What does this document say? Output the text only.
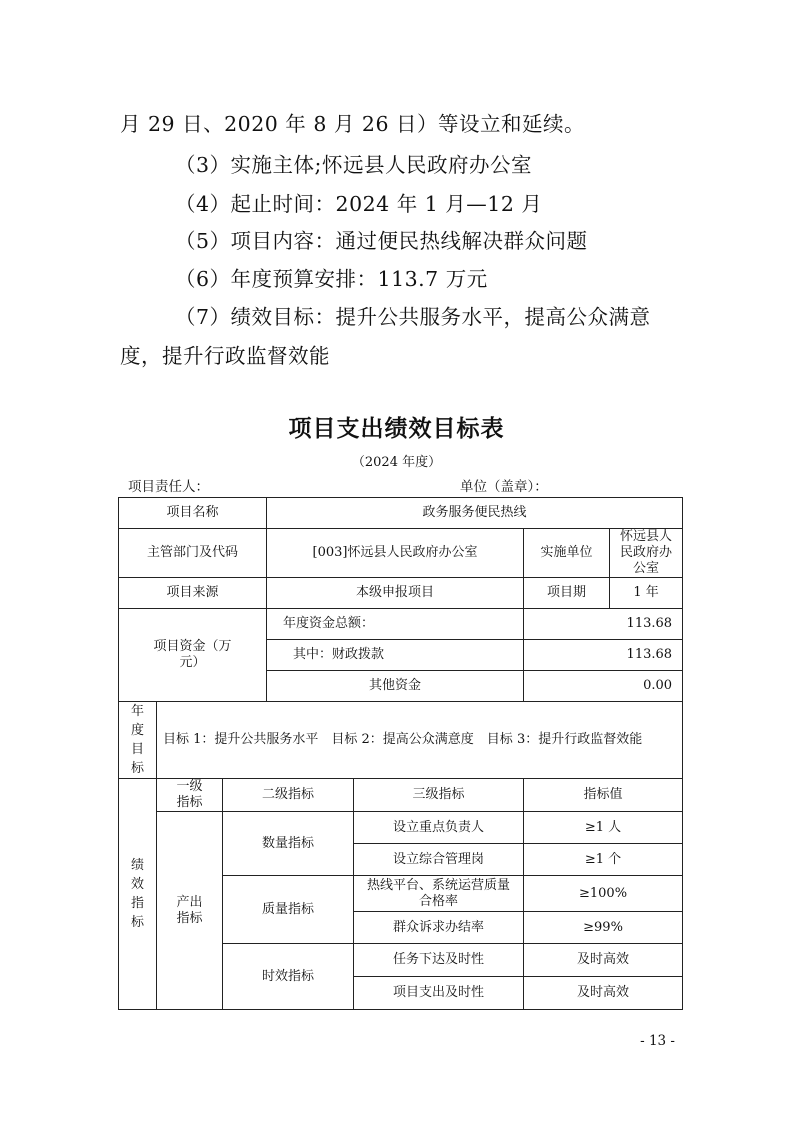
月 29 日、2020 年 8 月 26 日）等设立和延续。
（3）实施主体;怀远县人民政府办公室
（4）起止时间：2024 年 1 月—12 月
（5）项目内容：通过便民热线解决群众问题
（6）年度预算安排：113.7 万元
（7）绩效目标：提升公共服务水平，提高公众满意
度，提升行政监督效能
项目支出绩效目标表
（2024 年度）
项目责任人：	单位（盖章）：
项目名称			政务服务便民热线			
主管部门及代码			[003]怀远县人民政府办公室		实施单位	怀远县人民政府办公室
项目来源			本级申报项目		项目期	1 年
项目资金（万元）			年度资金总额：		113.68	
			其中：财政拨款		113.68	
			其他资金		0.00	
年度目标	目标 1：提升公共服务水平　目标 2：提高公众满意度　目标 3：提升行政监督效能					
绩效指标	一级指标	二级指标		三级指标	指标值	
	产出指标	数量指标		设立重点负责人	≥1 人	
				设立综合管理岗	≥1 个	
		质量指标		热线平台、系统运营质量合格率	≥100%	
				群众诉求办结率	≥99%	
		时效指标		任务下达及时性	及时高效	
				项目支出及时性	及时高效	
- 13 -
